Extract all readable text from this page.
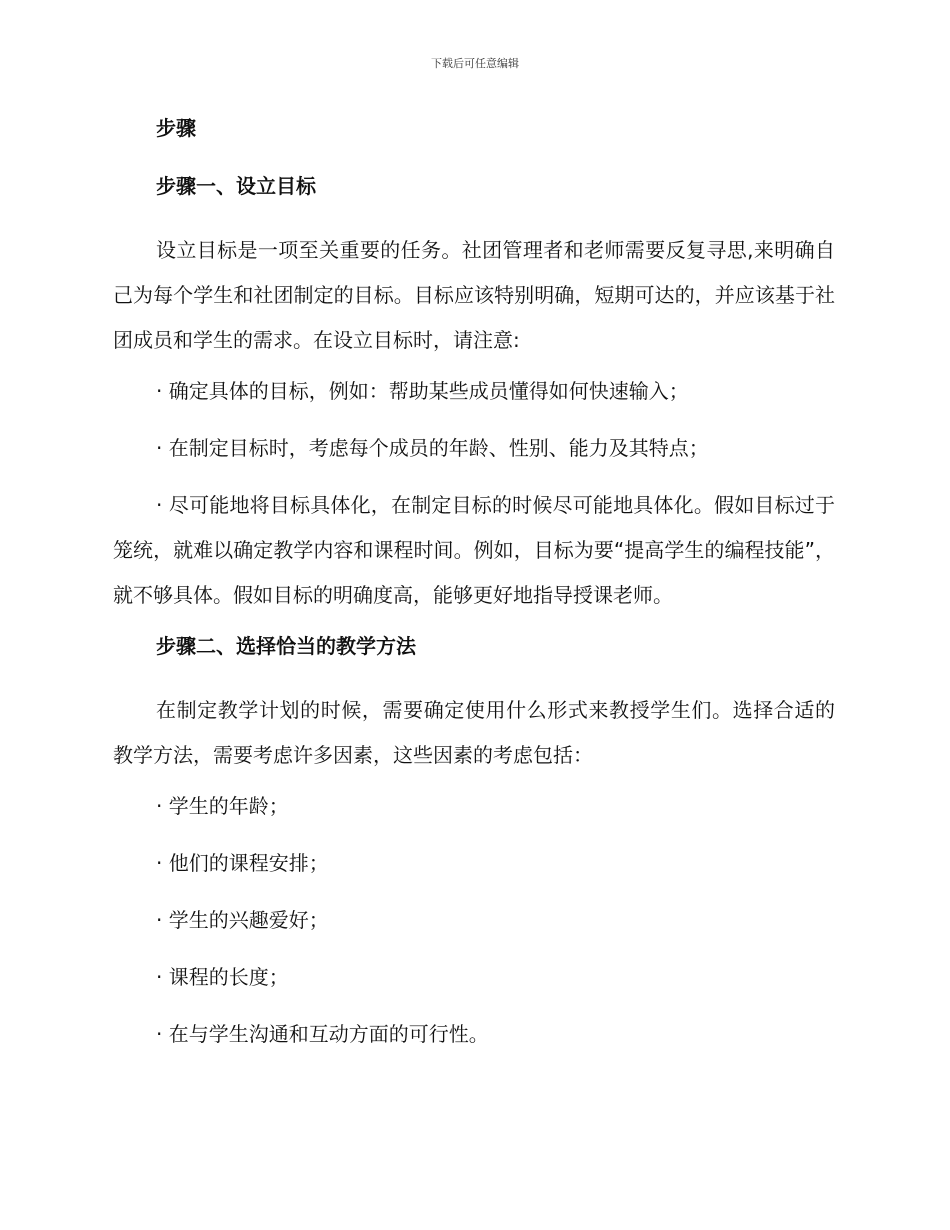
下载后可任意编辑
步骤
步骤一、设立目标
设立目标是一项至关重要的任务。社团管理者和老师需要反复寻思,来明确自己为每个学生和社团制定的目标。目标应该特别明确，短期可达的，并应该基于社团成员和学生的需求。在设立目标时，请注意:
· 确定具体的目标，例如：帮助某些成员懂得如何快速输入；
· 在制定目标时，考虑每个成员的年龄、性别、能力及其特点；
· 尽可能地将目标具体化，在制定目标的时候尽可能地具体化。假如目标过于笼统，就难以确定教学内容和课程时间。例如，目标为要“提高学生的编程技能”，就不够具体。假如目标的明确度高，能够更好地指导授课老师。
步骤二、选择恰当的教学方法
在制定教学计划的时候，需要确定使用什么形式来教授学生们。选择合适的教学方法，需要考虑许多因素，这些因素的考虑包括：
· 学生的年龄；
· 他们的课程安排；
· 学生的兴趣爱好；
· 课程的长度；
· 在与学生沟通和互动方面的可行性。
